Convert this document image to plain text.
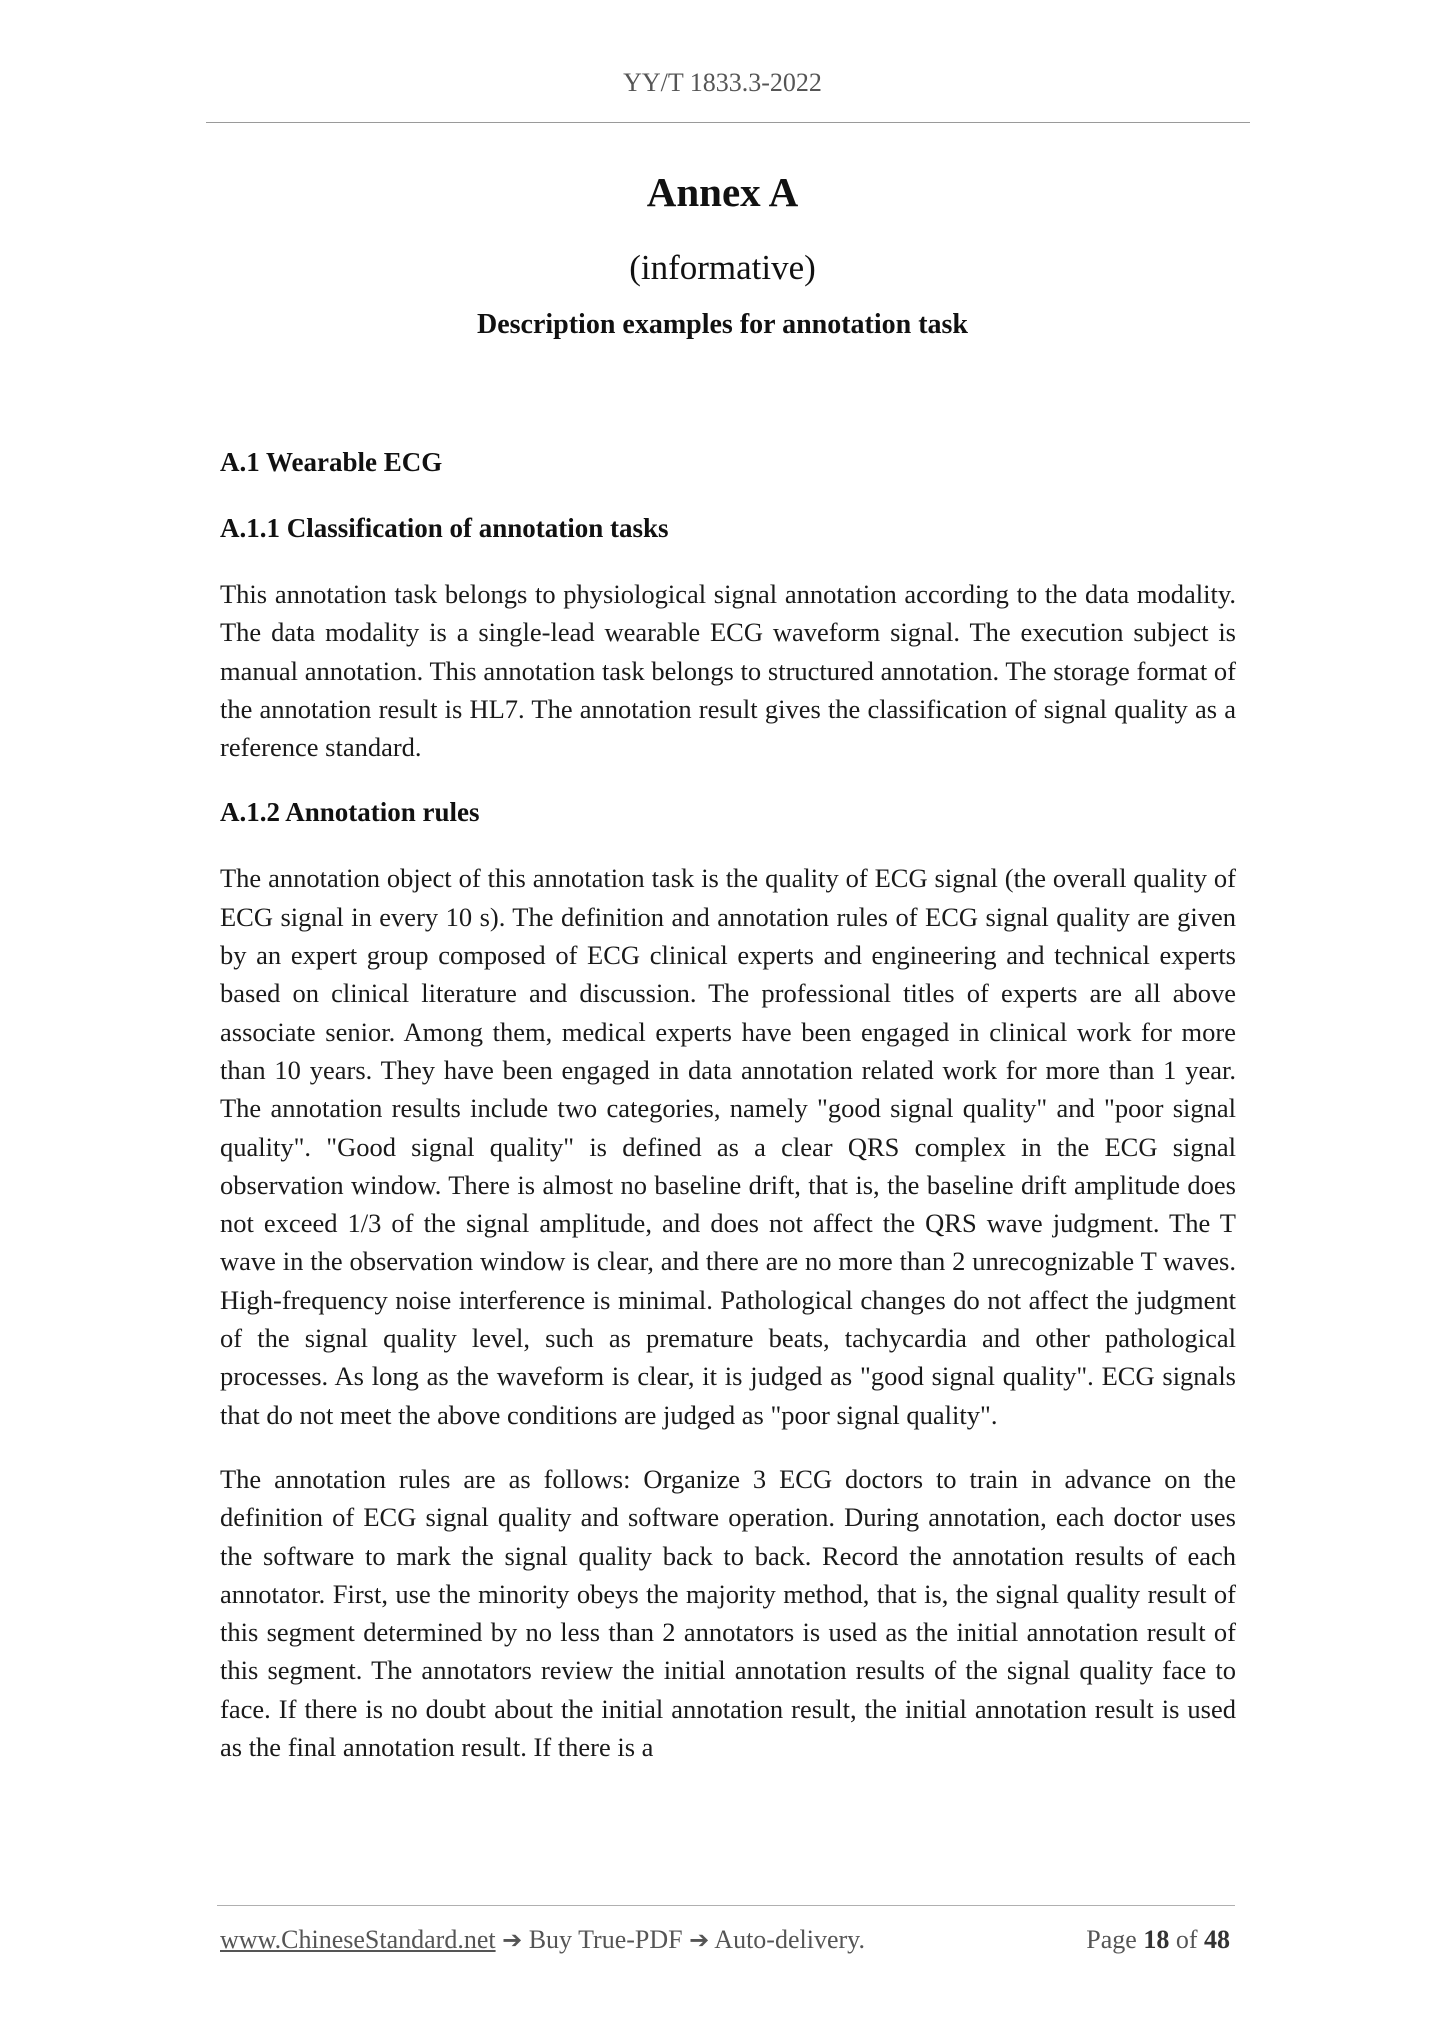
YY/T 1833.3-2022
Annex A
(informative)
Description examples for annotation task

A.1 Wearable ECG

A.1.1 Classification of annotation tasks

This annotation task belongs to physiological signal annotation according to the data modality. The data modality is a single-lead wearable ECG waveform signal. The execution subject is manual annotation. This annotation task belongs to structured annotation. The storage format of the annotation result is HL7. The annotation result gives the classification of signal quality as a reference standard.

A.1.2 Annotation rules

The annotation object of this annotation task is the quality of ECG signal (the overall quality of ECG signal in every 10 s). The definition and annotation rules of ECG signal quality are given by an expert group composed of ECG clinical experts and engineering and technical experts based on clinical literature and discussion. The professional titles of experts are all above associate senior. Among them, medical experts have been engaged in clinical work for more than 10 years. They have been engaged in data annotation related work for more than 1 year. The annotation results include two categories, namely "good signal quality" and "poor signal quality". "Good signal quality" is defined as a clear QRS complex in the ECG signal observation window. There is almost no baseline drift, that is, the baseline drift amplitude does not exceed 1/3 of the signal amplitude, and does not affect the QRS wave judgment. The T wave in the observation window is clear, and there are no more than 2 unrecognizable T waves. High-frequency noise interference is minimal. Pathological changes do not affect the judgment of the signal quality level, such as premature beats, tachycardia and other pathological processes. As long as the waveform is clear, it is judged as "good signal quality". ECG signals that do not meet the above conditions are judged as "poor signal quality".

The annotation rules are as follows: Organize 3 ECG doctors to train in advance on the definition of ECG signal quality and software operation. During annotation, each doctor uses the software to mark the signal quality back to back. Record the annotation results of each annotator. First, use the minority obeys the majority method, that is, the signal quality result of this segment determined by no less than 2 annotators is used as the initial annotation result of this segment. The annotators review the initial annotation results of the signal quality face to face. If there is no doubt about the initial annotation result, the initial annotation result is used as the final annotation result. If there is a

www.ChineseStandard.net ➔ Buy True-PDF ➔ Auto-delivery.	Page 18 of 48
